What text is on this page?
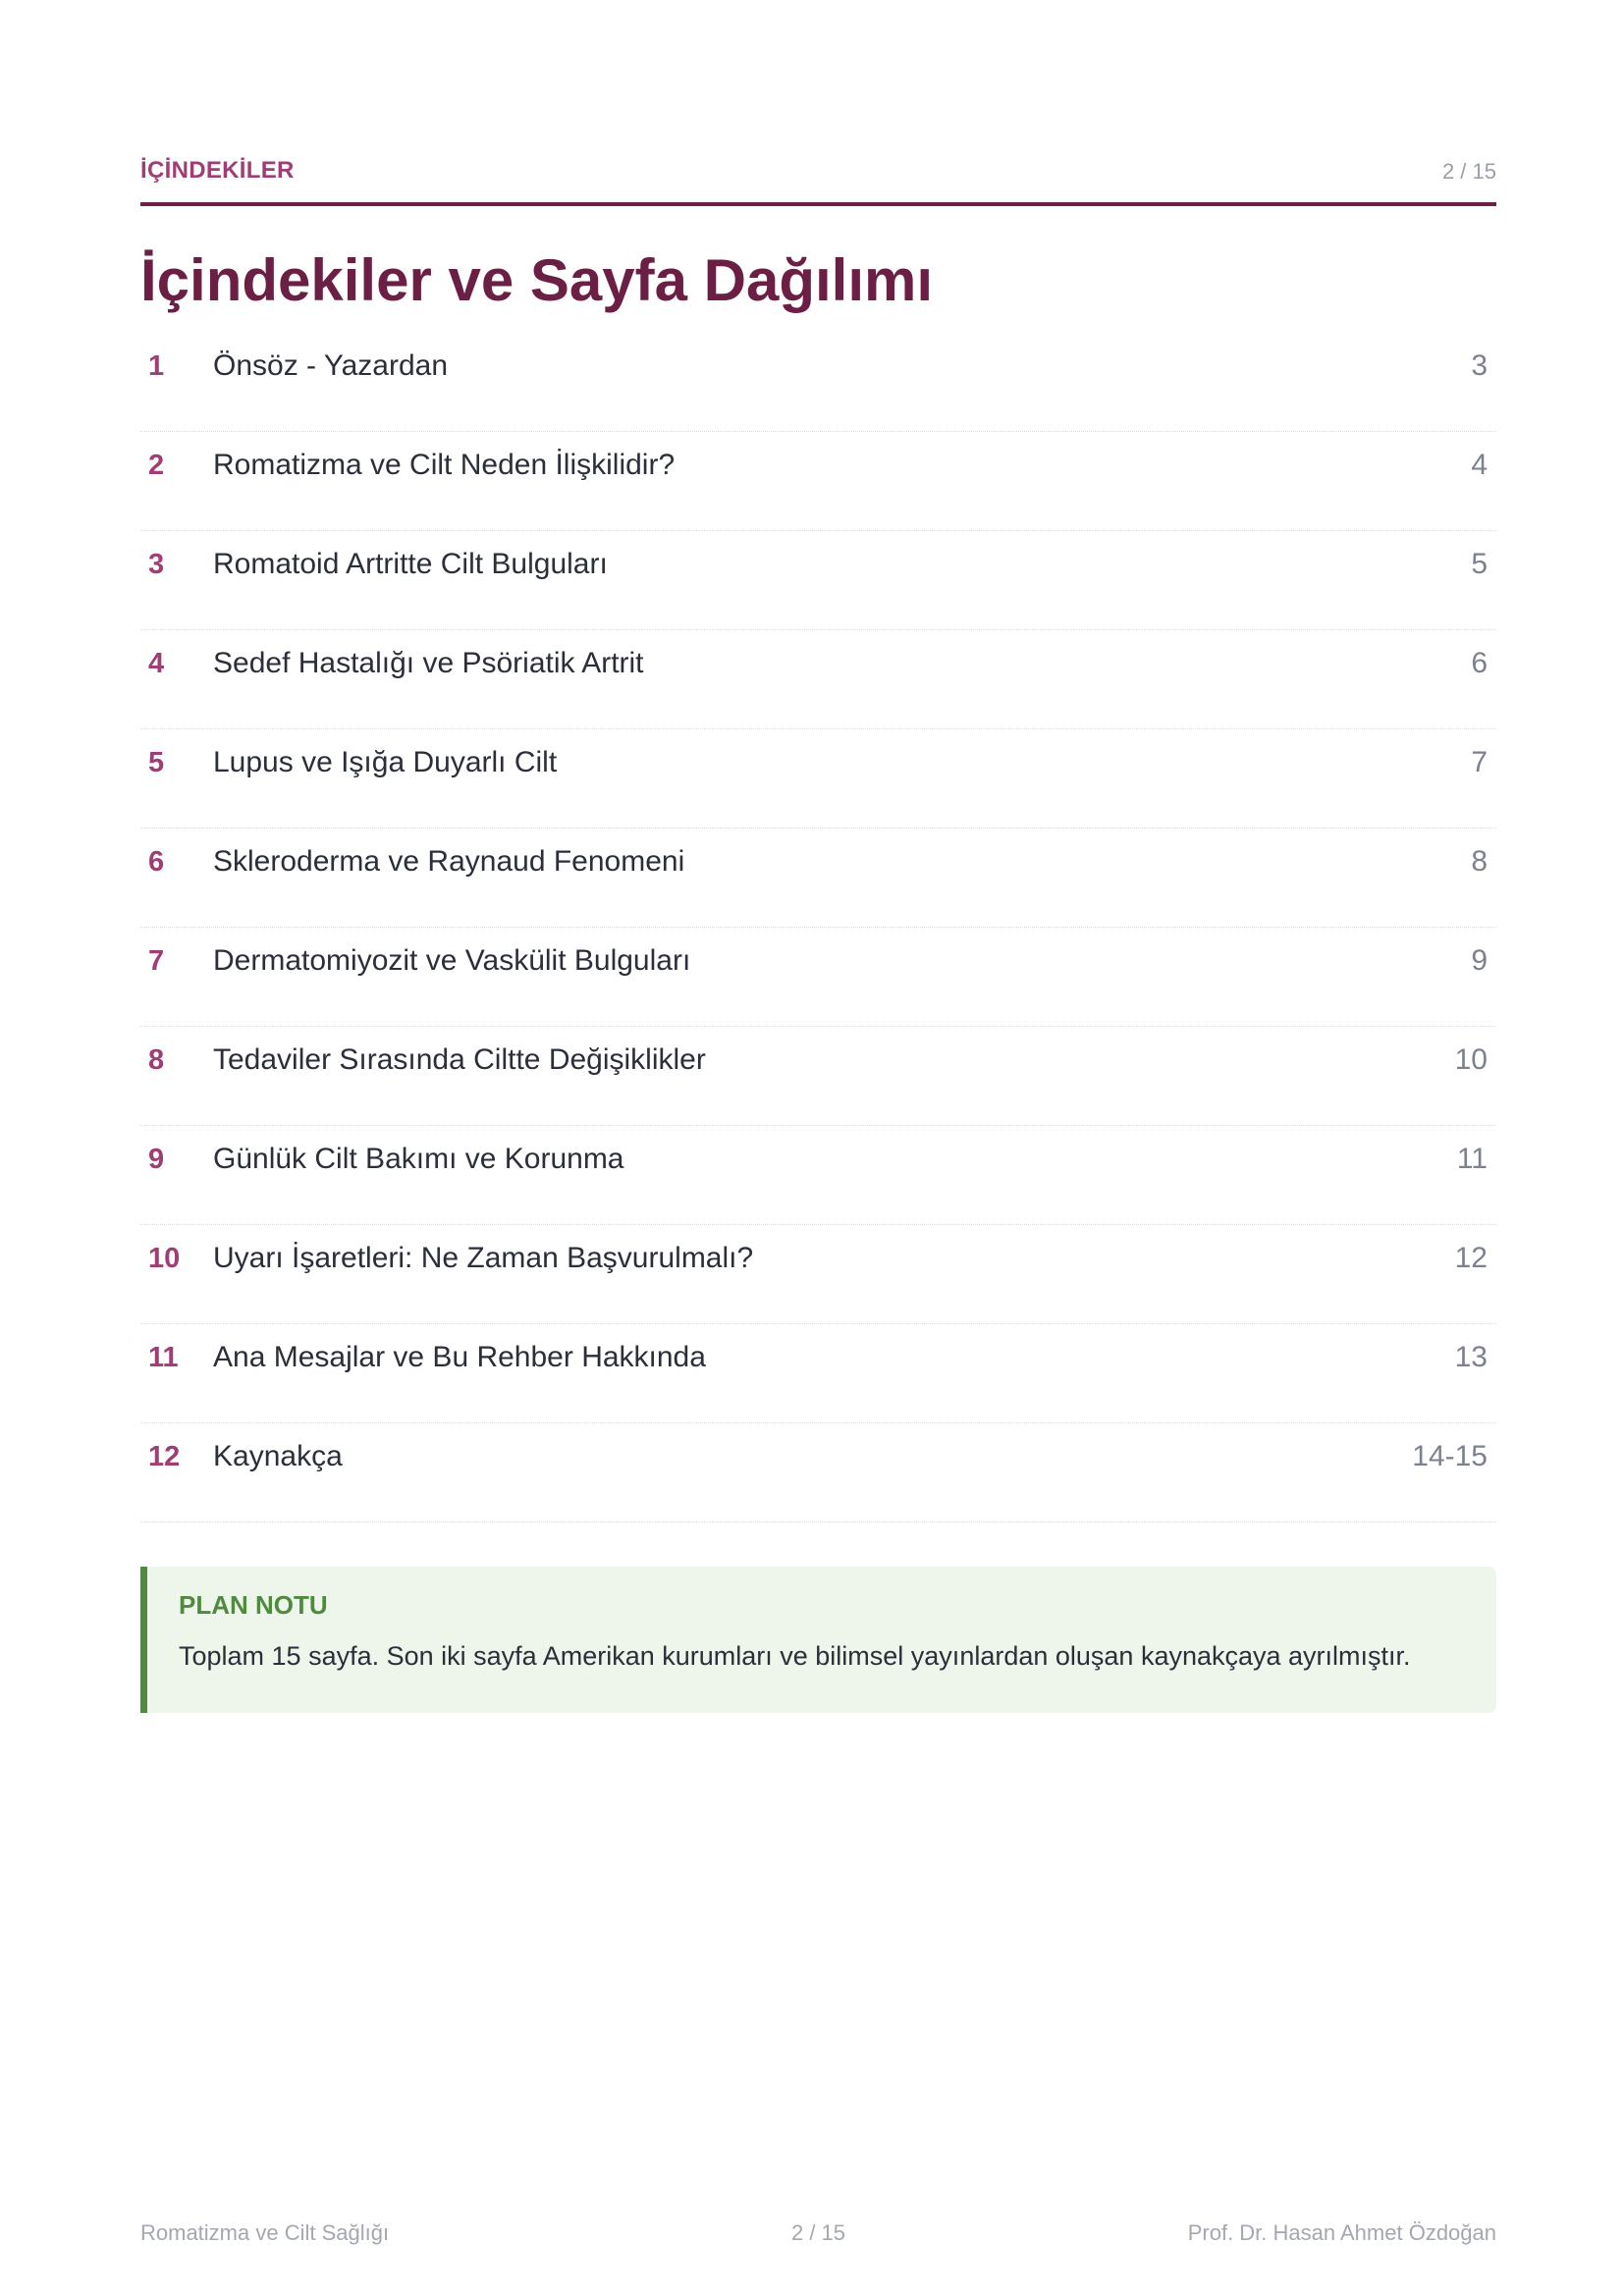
İÇİNDEKİLER	2 / 15
İçindekiler ve Sayfa Dağılımı
1 Önsöz - Yazardan	3
2 Romatizma ve Cilt Neden İlişkilidir?	4
3 Romatoid Artritte Cilt Bulguları	5
4 Sedef Hastalığı ve Psöriatik Artrit	6
5 Lupus ve Işığa Duyarlı Cilt	7
6 Skleroderma ve Raynaud Fenomeni	8
7 Dermatomiyozit ve Vaskülit Bulguları	9
8 Tedaviler Sırasında Ciltte Değişiklikler	10
9 Günlük Cilt Bakımı ve Korunma	11
10 Uyarı İşaretleri: Ne Zaman Başvurulmalı?	12
11 Ana Mesajlar ve Bu Rehber Hakkında	13
12 Kaynakça	14-15
PLAN NOTU
Toplam 15 sayfa. Son iki sayfa Amerikan kurumları ve bilimsel yayınlardan oluşan kaynakçaya ayrılmıştır.
Romatizma ve Cilt Sağlığı	2 / 15	Prof. Dr. Hasan Ahmet Özdoğan
